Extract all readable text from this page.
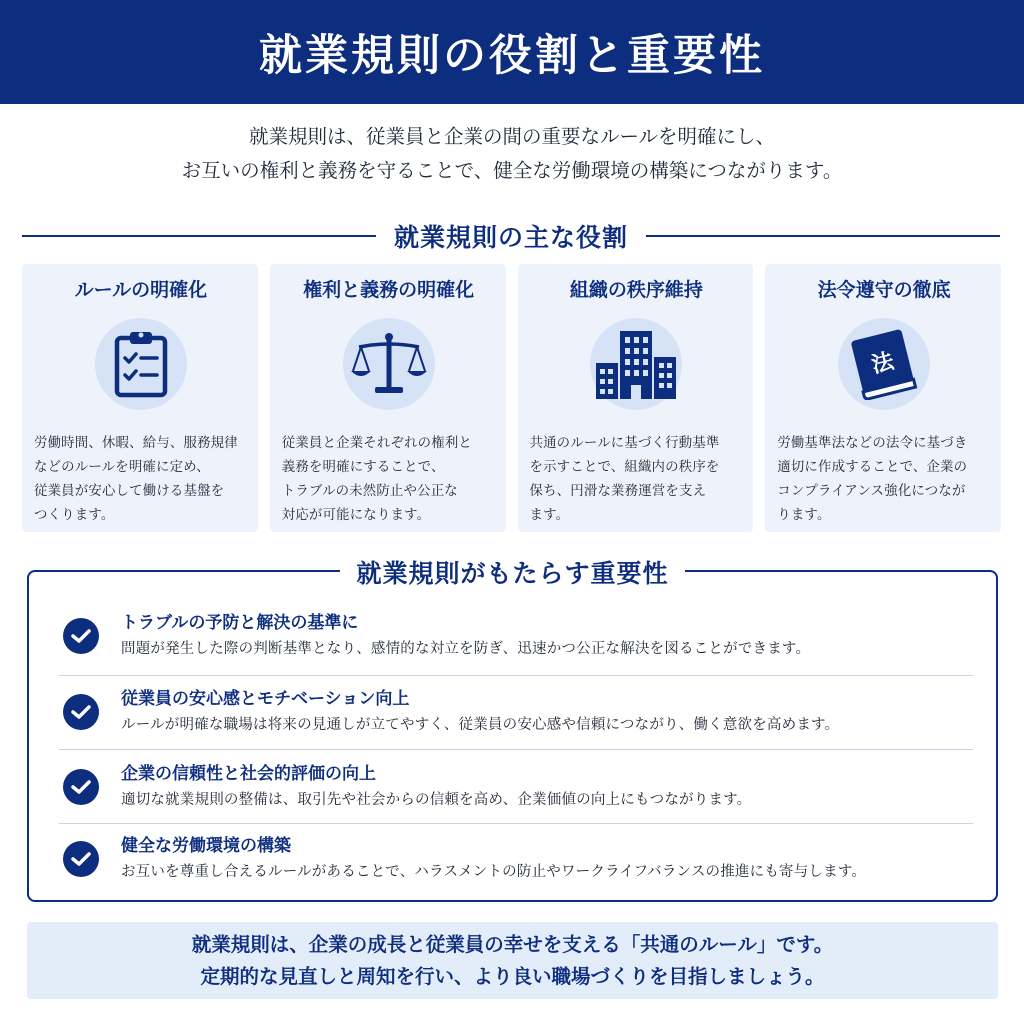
就業規則の役割と重要性
就業規則は、従業員と企業の間の重要なルールを明確にし、
お互いの権利と義務を守ることで、健全な労働環境の構築につながります。
就業規則の主な役割
ルールの明確化
労働時間、休暇、給与、服務規律
などのルールを明確に定め、
従業員が安心して働ける基盤を
つくります。
権利と義務の明確化
従業員と企業それぞれの権利と
義務を明確にすることで、
トラブルの未然防止や公正な
対応が可能になります。
組織の秩序維持
共通のルールに基づく行動基準
を示すことで、組織内の秩序を
保ち、円滑な業務運営を支え
ます。
法令遵守の徹底
法
労働基準法などの法令に基づき
適切に作成することで、企業の
コンプライアンス強化につなが
ります。
就業規則がもたらす重要性
トラブルの予防と解決の基準に
問題が発生した際の判断基準となり、感情的な対立を防ぎ、迅速かつ公正な解決を図ることができます。
従業員の安心感とモチベーション向上
ルールが明確な職場は将来の見通しが立てやすく、従業員の安心感や信頼につながり、働く意欲を高めます。
企業の信頼性と社会的評価の向上
適切な就業規則の整備は、取引先や社会からの信頼を高め、企業価値の向上にもつながります。
健全な労働環境の構築
お互いを尊重し合えるルールがあることで、ハラスメントの防止やワークライフバランスの推進にも寄与します。
就業規則は、企業の成長と従業員の幸せを支える「共通のルール」です。
定期的な見直しと周知を行い、より良い職場づくりを目指しましょう。
